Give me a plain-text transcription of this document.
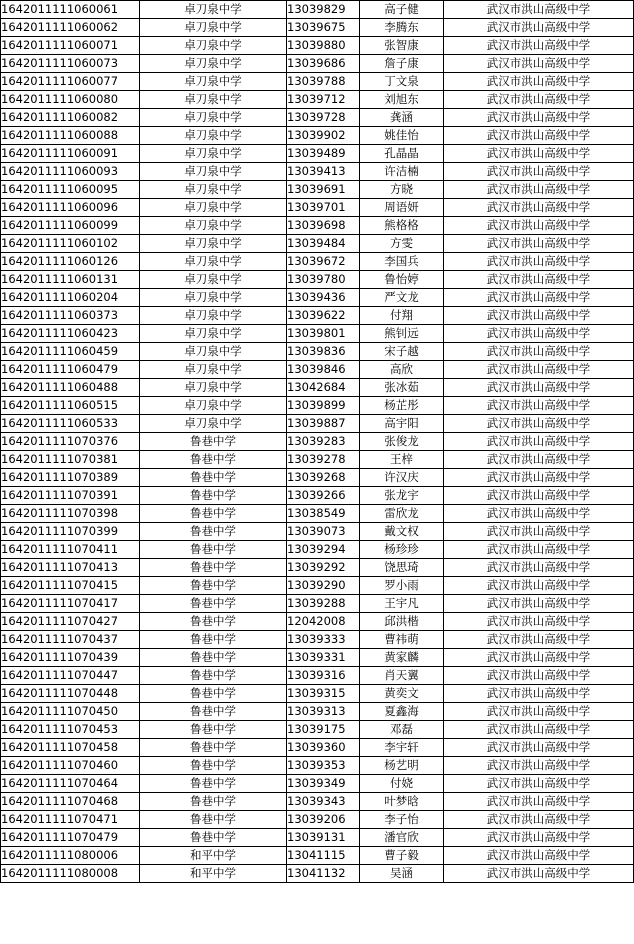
1642011111060061	卓刀泉中学	13039829	高子健	武汉市洪山高级中学
1642011111060062	卓刀泉中学	13039675	李腾东	武汉市洪山高级中学
1642011111060071	卓刀泉中学	13039880	张智康	武汉市洪山高级中学
1642011111060073	卓刀泉中学	13039686	詹子康	武汉市洪山高级中学
1642011111060077	卓刀泉中学	13039788	丁文泉	武汉市洪山高级中学
1642011111060080	卓刀泉中学	13039712	刘旭东	武汉市洪山高级中学
1642011111060082	卓刀泉中学	13039728	龚涵	武汉市洪山高级中学
1642011111060088	卓刀泉中学	13039902	姚佳怡	武汉市洪山高级中学
1642011111060091	卓刀泉中学	13039489	孔晶晶	武汉市洪山高级中学
1642011111060093	卓刀泉中学	13039413	许洁楠	武汉市洪山高级中学
1642011111060095	卓刀泉中学	13039691	方晓	武汉市洪山高级中学
1642011111060096	卓刀泉中学	13039701	周语妍	武汉市洪山高级中学
1642011111060099	卓刀泉中学	13039698	熊格格	武汉市洪山高级中学
1642011111060102	卓刀泉中学	13039484	方雯	武汉市洪山高级中学
1642011111060126	卓刀泉中学	13039672	李国兵	武汉市洪山高级中学
1642011111060131	卓刀泉中学	13039780	鲁怡婷	武汉市洪山高级中学
1642011111060204	卓刀泉中学	13039436	严文龙	武汉市洪山高级中学
1642011111060373	卓刀泉中学	13039622	付翔	武汉市洪山高级中学
1642011111060423	卓刀泉中学	13039801	熊钊远	武汉市洪山高级中学
1642011111060459	卓刀泉中学	13039836	宋子越	武汉市洪山高级中学
1642011111060479	卓刀泉中学	13039846	高欣	武汉市洪山高级中学
1642011111060488	卓刀泉中学	13042684	张冰茹	武汉市洪山高级中学
1642011111060515	卓刀泉中学	13039899	杨芷彤	武汉市洪山高级中学
1642011111060533	卓刀泉中学	13039887	高宇阳	武汉市洪山高级中学
1642011111070376	鲁巷中学	13039283	张俊龙	武汉市洪山高级中学
1642011111070381	鲁巷中学	13039278	王梓	武汉市洪山高级中学
1642011111070389	鲁巷中学	13039268	许汉庆	武汉市洪山高级中学
1642011111070391	鲁巷中学	13039266	张龙宇	武汉市洪山高级中学
1642011111070398	鲁巷中学	13038549	雷欣龙	武汉市洪山高级中学
1642011111070399	鲁巷中学	13039073	戴文权	武汉市洪山高级中学
1642011111070411	鲁巷中学	13039294	杨珍珍	武汉市洪山高级中学
1642011111070413	鲁巷中学	13039292	饶思琦	武汉市洪山高级中学
1642011111070415	鲁巷中学	13039290	罗小雨	武汉市洪山高级中学
1642011111070417	鲁巷中学	13039288	王宇凡	武汉市洪山高级中学
1642011111070427	鲁巷中学	12042008	邱洪楷	武汉市洪山高级中学
1642011111070437	鲁巷中学	13039333	曹祎萌	武汉市洪山高级中学
1642011111070439	鲁巷中学	13039331	黄家麟	武汉市洪山高级中学
1642011111070447	鲁巷中学	13039316	肖天翼	武汉市洪山高级中学
1642011111070448	鲁巷中学	13039315	黄奕文	武汉市洪山高级中学
1642011111070450	鲁巷中学	13039313	夏鑫海	武汉市洪山高级中学
1642011111070453	鲁巷中学	13039175	邓磊	武汉市洪山高级中学
1642011111070458	鲁巷中学	13039360	李宇轩	武汉市洪山高级中学
1642011111070460	鲁巷中学	13039353	杨艺明	武汉市洪山高级中学
1642011111070464	鲁巷中学	13039349	付娆	武汉市洪山高级中学
1642011111070468	鲁巷中学	13039343	叶梦晗	武汉市洪山高级中学
1642011111070471	鲁巷中学	13039206	李子怡	武汉市洪山高级中学
1642011111070479	鲁巷中学	13039131	潘官欣	武汉市洪山高级中学
1642011111080006	和平中学	13041115	曹子毅	武汉市洪山高级中学
1642011111080008	和平中学	13041132	吴涵	武汉市洪山高级中学
